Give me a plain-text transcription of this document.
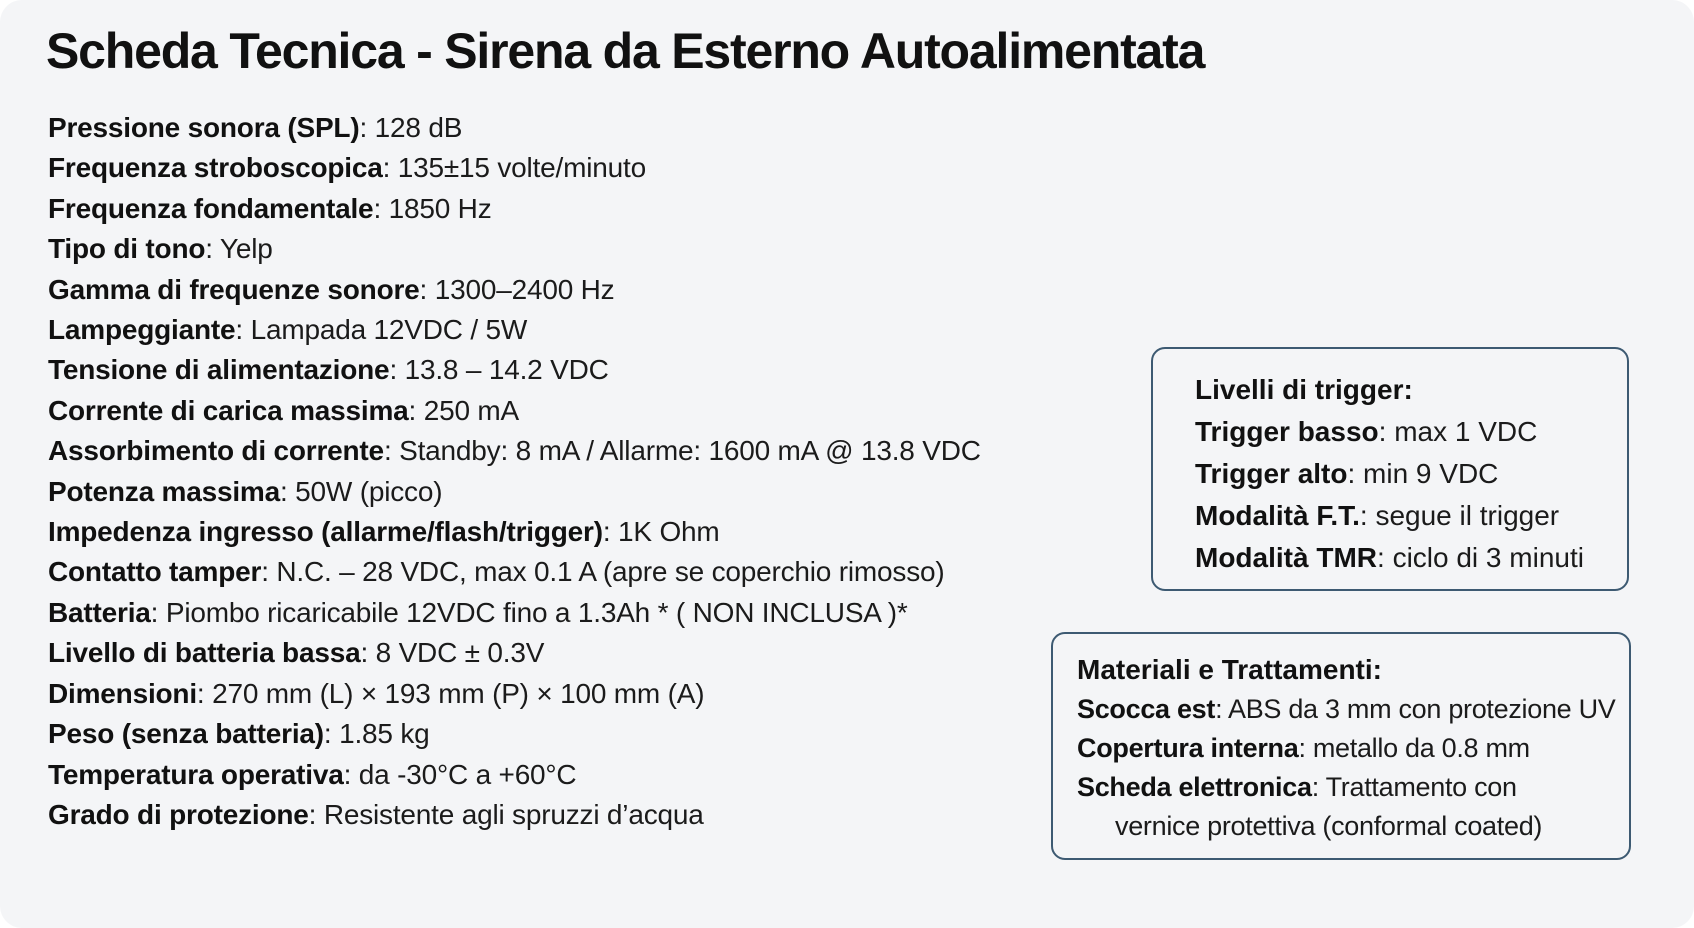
Scheda Tecnica - Sirena da Esterno Autoalimentata
Pressione sonora (SPL): 128 dB
Frequenza stroboscopica: 135±15 volte/minuto
Frequenza fondamentale: 1850 Hz
Tipo di tono: Yelp
Gamma di frequenze sonore: 1300–2400 Hz
Lampeggiante: Lampada 12VDC / 5W
Tensione di alimentazione: 13.8 – 14.2 VDC
Corrente di carica massima: 250 mA
Assorbimento di corrente: Standby: 8 mA / Allarme: 1600 mA @ 13.8 VDC
Potenza massima: 50W (picco)
Impedenza ingresso (allarme/flash/trigger): 1K Ohm
Contatto tamper: N.C. – 28 VDC, max 0.1 A (apre se coperchio rimosso)
Batteria: Piombo ricaricabile 12VDC fino a 1.3Ah * ( NON INCLUSA )*
Livello di batteria bassa: 8 VDC ± 0.3V
Dimensioni: 270 mm (L) × 193 mm (P) × 100 mm (A)
Peso (senza batteria): 1.85 kg
Temperatura operativa: da -30°C a +60°C
Grado di protezione: Resistente agli spruzzi d’acqua
Livelli di trigger:
Trigger basso: max 1 VDC
Trigger alto: min 9 VDC
Modalità F.T.: segue il trigger
Modalità TMR: ciclo di 3 minuti
Materiali e Trattamenti:
Scocca est: ABS da 3 mm con protezione UV
Copertura interna: metallo da 0.8 mm
Scheda elettronica: Trattamento con
vernice protettiva (conformal coated)
